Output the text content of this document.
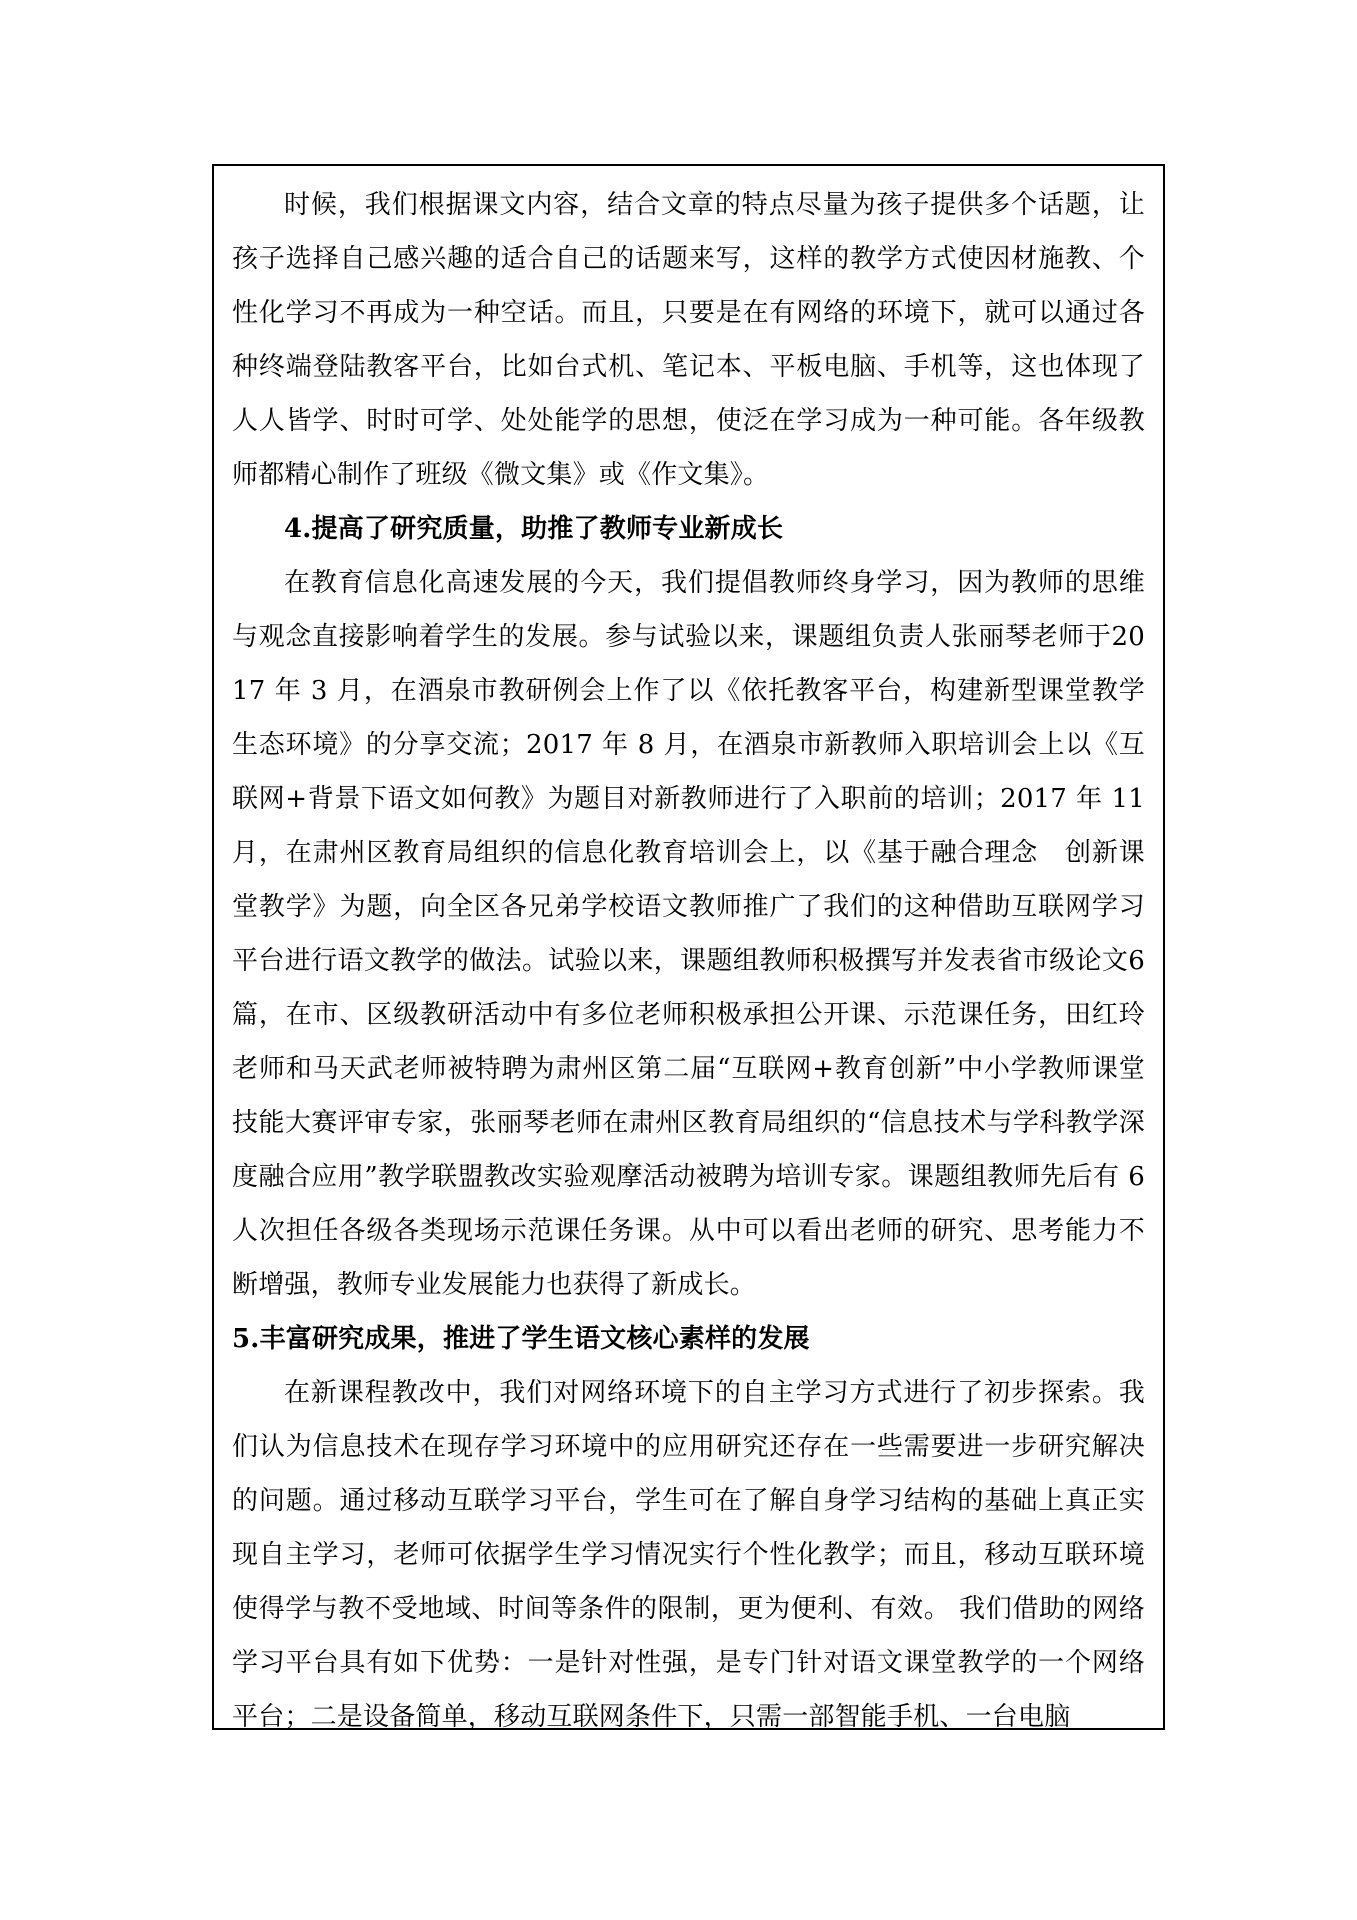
时候，我们根据课文内容，结合文章的特点尽量为孩子提供多个话题，让孩子选择自己感兴趣的适合自己的话题来写，这样的教学方式使因材施教、个性化学习不再成为一种空话。而且，只要是在有网络的环境下，就可以通过各种终端登陆教客平台，比如台式机、笔记本、平板电脑、手机等，这也体现了人人皆学、时时可学、处处能学的思想，使泛在学习成为一种可能。各年级教师都精心制作了班级《微文集》或《作文集》。

4.提高了研究质量，助推了教师专业新成长

在教育信息化高速发展的今天，我们提倡教师终身学习，因为教师的思维与观念直接影响着学生的发展。参与试验以来，课题组负责人张丽琴老师于2017 年 3 月，在酒泉市教研例会上作了以《依托教客平台，构建新型课堂教学生态环境》的分享交流；2017 年 8 月，在酒泉市新教师入职培训会上以《互联网+背景下语文如何教》为题目对新教师进行了入职前的培训；2017 年 11月，在肃州区教育局组织的信息化教育培训会上，以《基于融合理念　创新课堂教学》为题，向全区各兄弟学校语文教师推广了我们的这种借助互联网学习平台进行语文教学的做法。试验以来，课题组教师积极撰写并发表省市级论文6 篇，在市、区级教研活动中有多位老师积极承担公开课、示范课任务，田红玲老师和马天武老师被特聘为肃州区第二届“互联网+教育创新”中小学教师课堂技能大赛评审专家，张丽琴老师在肃州区教育局组织的“信息技术与学科教学深度融合应用”教学联盟教改实验观摩活动被聘为培训专家。课题组教师先后有 6 人次担任各级各类现场示范课任务课。从中可以看出老师的研究、思考能力不断增强，教师专业发展能力也获得了新成长。

5.丰富研究成果，推进了学生语文核心素样的发展

在新课程教改中，我们对网络环境下的自主学习方式进行了初步探索。我们认为信息技术在现存学习环境中的应用研究还存在一些需要进一步研究解决的问题。通过移动互联学习平台，学生可在了解自身学习结构的基础上真正实现自主学习，老师可依据学生学习情况实行个性化教学；而且，移动互联环境使得学与教不受地域、时间等条件的限制，更为便利、有效。 我们借助的网络学习平台具有如下优势：一是针对性强，是专门针对语文课堂教学的一个网络平台；二是设备简单，移动互联网条件下，只需一部智能手机、一台电脑
